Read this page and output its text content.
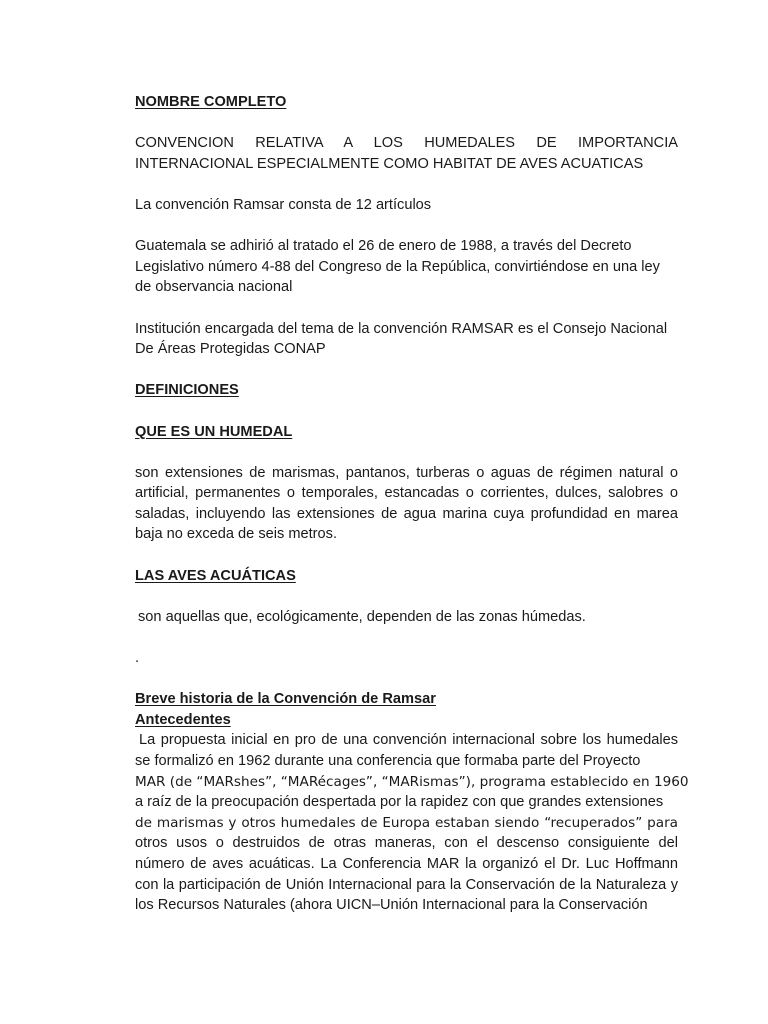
NOMBRE COMPLETO

CONVENCION RELATIVA A LOS HUMEDALES DE IMPORTANCIA INTERNACIONAL ESPECIALMENTE COMO HABITAT DE AVES ACUATICAS

La convención Ramsar consta de 12 artículos

Guatemala se adhirió al tratado el 26 de enero de 1988, a través del Decreto Legislativo número 4-88 del Congreso de la República, convirtiéndose en una ley de observancia nacional

Institución encargada del tema de la convención RAMSAR es el Consejo Nacional De Áreas Protegidas CONAP

DEFINICIONES

QUE ES UN HUMEDAL

son extensiones de marismas, pantanos, turberas o aguas de régimen natural o artificial, permanentes o temporales, estancadas o corrientes, dulces, salobres o saladas, incluyendo las extensiones de agua marina cuya profundidad en marea baja no exceda de seis metros.

LAS AVES ACUÁTICAS

son aquellas que, ecológicamente, dependen de las zonas húmedas.

.

Breve historia de la Convención de Ramsar

Antecedentes

La propuesta inicial en pro de una convención internacional sobre los humedales se formalizó en 1962 durante una conferencia que formaba parte del Proyecto

MAR (de “MARshes”, “MARécages”, “MARismas”), programa establecido en 1960

a raíz de la preocupación despertada por la rapidez con que grandes extensiones

de marismas y otros humedales de Europa estaban siendo “recuperados” para

otros usos o destruidos de otras maneras, con el descenso consiguiente del número de aves acuáticas. La Conferencia MAR la organizó el Dr. Luc Hoffmann con la participación de Unión Internacional para la Conservación de la Naturaleza y los Recursos Naturales (ahora UICN–Unión Internacional para la Conservación
